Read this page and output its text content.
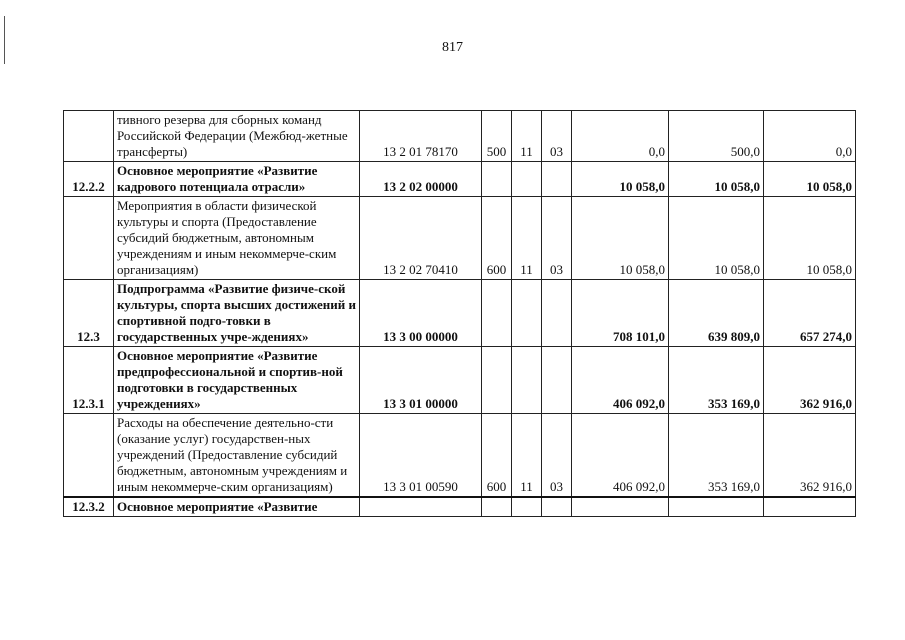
817
	тивного резерва для сборных команд Российской Федерации (Межбюд-жетные трансферты)	13 2 01 78170	500	11	03	0,0	500,0	0,0
12.2.2	Основное мероприятие «Развитие кадрового потенциала отрасли»	13 2 02 00000				10 058,0	10 058,0	10 058,0
	Мероприятия в области физической культуры и спорта (Предоставление субсидий бюджетным, автономным учреждениям и иным некоммерче-ским организациям)	13 2 02 70410	600	11	03	10 058,0	10 058,0	10 058,0
12.3	Подпрограмма «Развитие физиче-ской культуры, спорта высших достижений и спортивной подго-товки в государственных учре-ждениях»	13 3 00 00000				708 101,0	639 809,0	657 274,0
12.3.1	Основное мероприятие «Развитие предпрофессиональной и спортив-ной подготовки в государственных учреждениях»	13 3 01 00000				406 092,0	353 169,0	362 916,0
	Расходы на обеспечение деятельно-сти (оказание услуг) государствен-ных учреждений (Предоставление субсидий бюджетным, автономным учреждениям и иным некоммерче-ским организациям)	13 3 01 00590	600	11	03	406 092,0	353 169,0	362 916,0
12.3.2	Основное мероприятие «Развитие							
